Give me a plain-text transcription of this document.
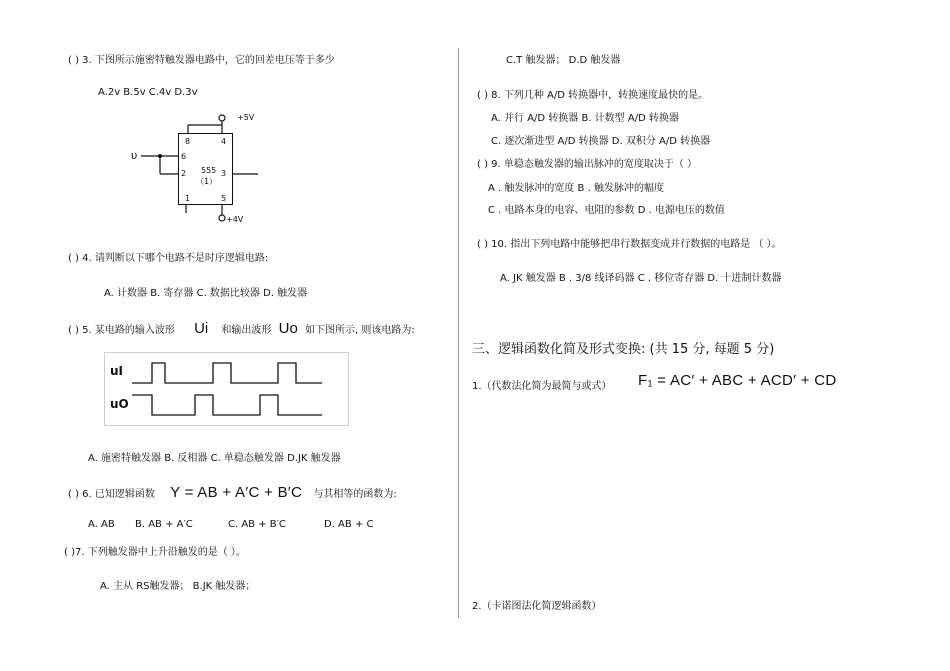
( ) 3. 下图所示施密特触发器电路中，它的回差电压等于多少
A.2v B.5v C.4v D.3v
υ
+5V
+4V
8	4
6
2	3
1	5
555
（1）
( ) 4. 请判断以下哪个电路不是时序逻辑电路:
A. 计数器 B. 寄存器 C. 数据比较器 D. 触发器
( ) 5. 某电路的输入波形 Ui 和输出波形 Uo 如下图所示, 则该电路为:
uI
uO
A. 施密特触发器 B. 反相器 C. 单稳态触发器 D.JK 触发器
( ) 6. 已知逻辑函数 Y = AB + A′C + B′C 与其相等的函数为:
A. AB B. AB + A′C	C. AB + B′C	D. AB + C
( )7. 下列触发器中上升沿触发的是（ ）。
A. 主从 RS触发器； B.JK 触发器；
C.T 触发器； D.D 触发器
( ) 8. 下列几种 A/D 转换器中，转换速度最快的是。
A. 并行 A/D 转换器 B. 计数型 A/D 转换器
C. 逐次渐进型 A/D 转换器 D. 双积分 A/D 转换器
( ) 9. 单稳态触发器的输出脉冲的宽度取决于（ ）
A . 触发脉冲的宽度 B . 触发脉冲的幅度
C . 电路本身的电容、电阻的参数 D . 电源电压的数值
( ) 10. 指出下列电路中能够把串行数据变成并行数据的电路是 （ ）。
A. JK 触发器 B . 3/8 线译码器 C . 移位寄存器 D. 十进制计数器
三、逻辑函数化简及形式变换: (共 15 分, 每题 5 分)
1.（代数法化简为最简与或式） F₁ = AC′ + ABC + ACD′ + CD
2.（卡诺图法化简逻辑函数）
